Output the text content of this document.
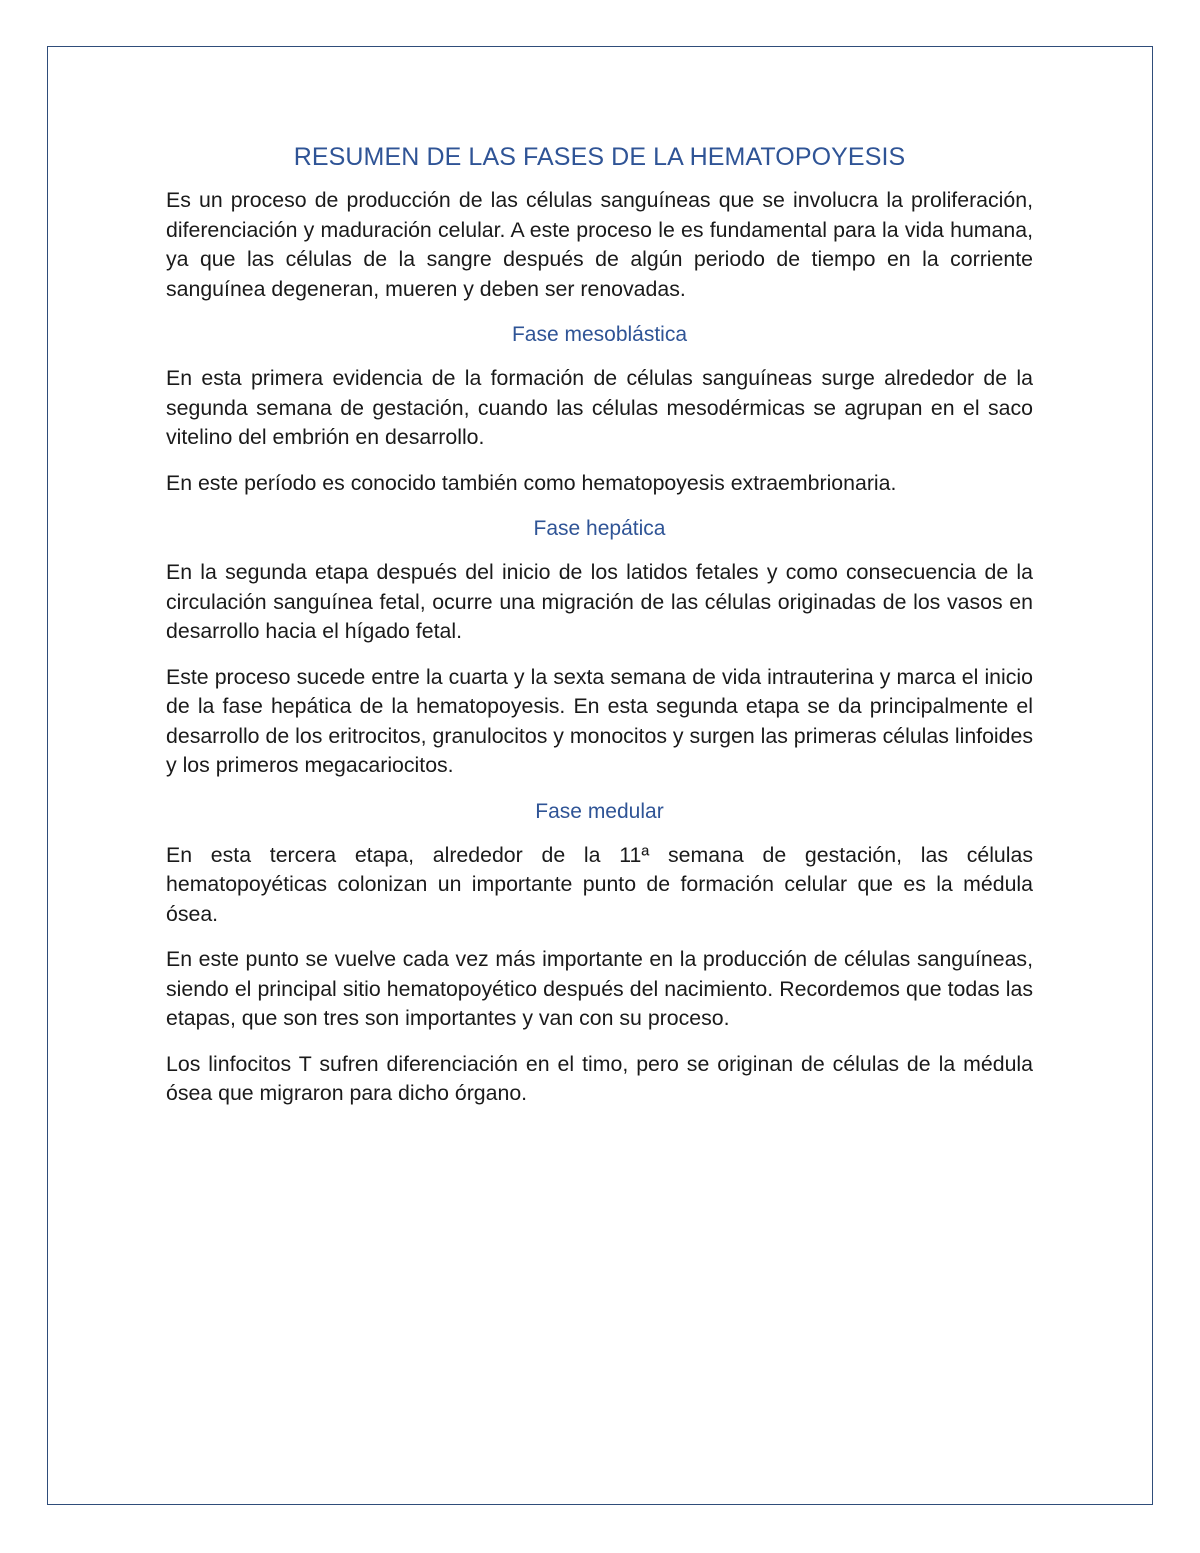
RESUMEN DE LAS FASES DE LA HEMATOPOYESIS

Es un proceso de producción de las células sanguíneas que se involucra la proliferación, diferenciación y maduración celular. A este proceso le es fundamental para la vida humana, ya que las células de la sangre después de algún periodo de tiempo en la corriente sanguínea degeneran, mueren y deben ser renovadas.

Fase mesoblástica

En esta primera evidencia de la formación de células sanguíneas surge alrededor de la segunda semana de gestación, cuando las células mesodérmicas se agrupan en el saco vitelino del embrión en desarrollo.

En este período es conocido también como hematopoyesis extraembrionaria.

Fase hepática

En la segunda etapa después del inicio de los latidos fetales y como consecuencia de la circulación sanguínea fetal, ocurre una migración de las células originadas de los vasos en desarrollo hacia el hígado fetal.

Este proceso sucede entre la cuarta y la sexta semana de vida intrauterina y marca el inicio de la fase hepática de la hematopoyesis. En esta segunda etapa se da principalmente el desarrollo de los eritrocitos, granulocitos y monocitos y surgen las primeras células linfoides y los primeros megacariocitos.

Fase medular

En esta tercera etapa, alrededor de la 11ª semana de gestación, las células hematopoyéticas colonizan un importante punto de formación celular que es la médula ósea.

En este punto se vuelve cada vez más importante en la producción de células sanguíneas, siendo el principal sitio hematopoyético después del nacimiento. Recordemos que todas las etapas, que son tres son importantes y van con su proceso.

Los linfocitos T sufren diferenciación en el timo, pero se originan de células de la médula ósea que migraron para dicho órgano.
